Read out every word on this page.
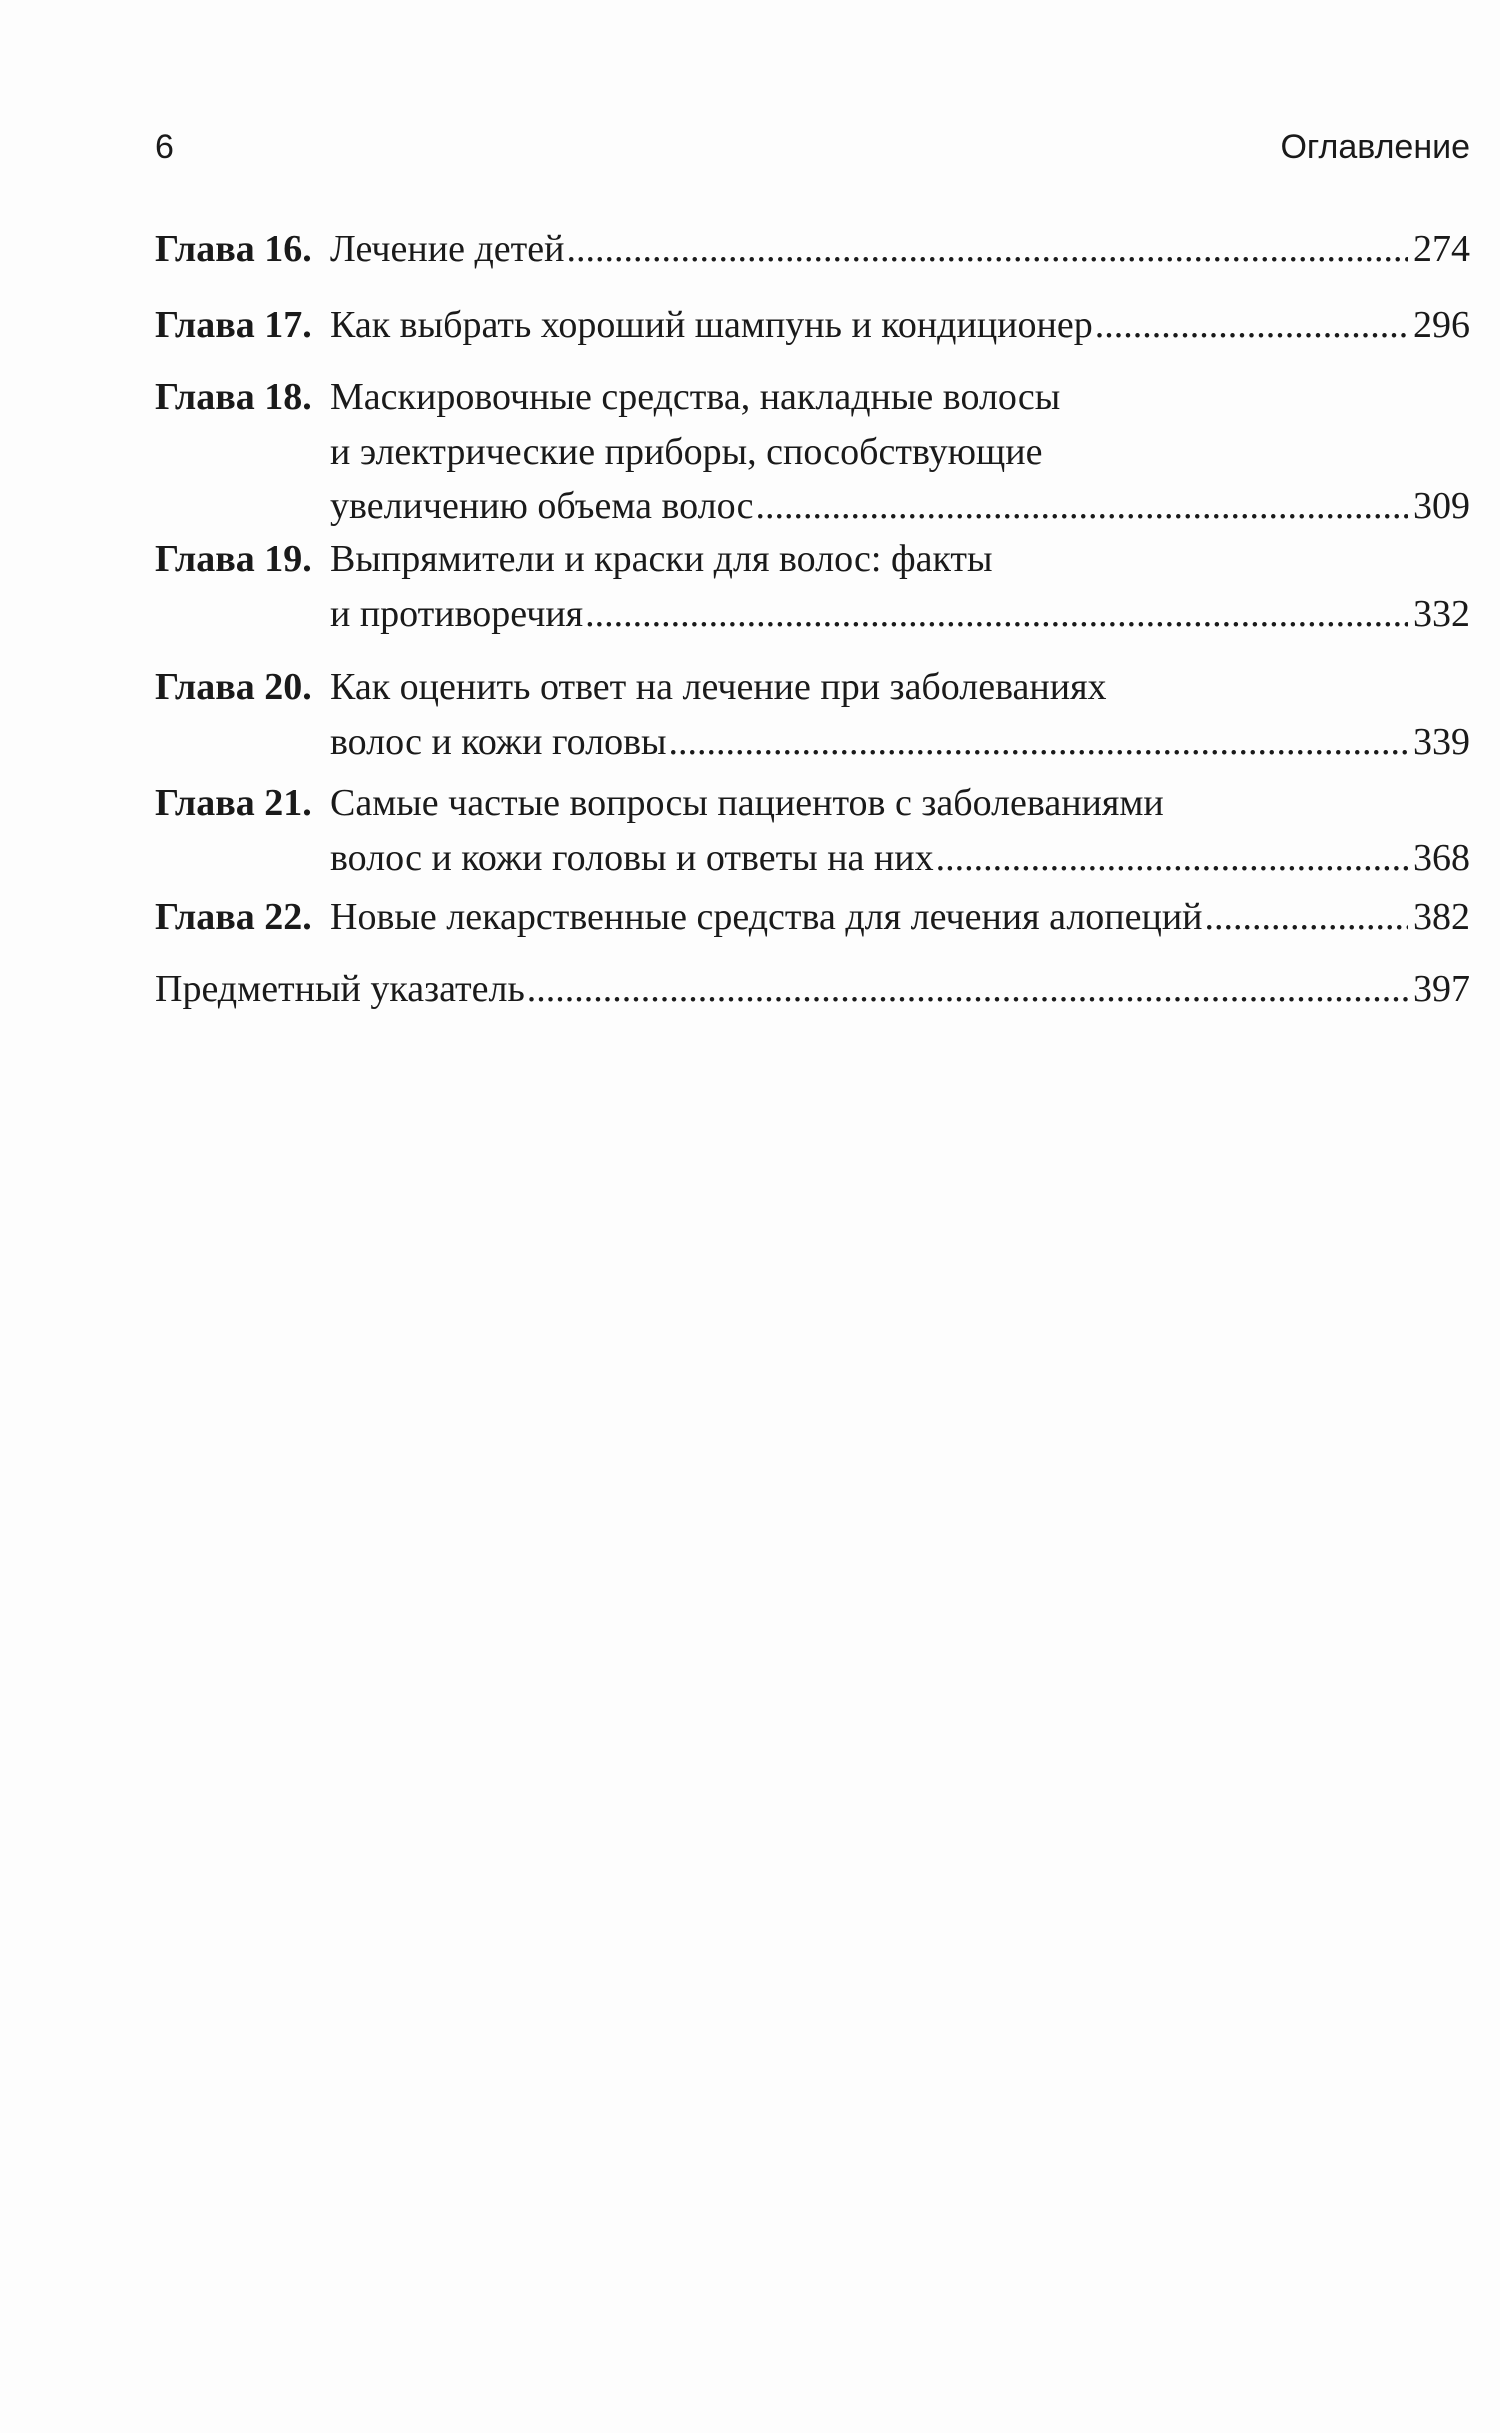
6	Оглавление
Глава 16. Лечение детей .....	274
Глава 17. Как выбрать хороший шампунь и кондиционер .....	296
Глава 18. Маскировочные средства, накладные волосы
и электрические приборы, способствующие
увеличению объема волос .....	309
Глава 19. Выпрямители и краски для волос: факты
и противоречия .....	332
Глава 20. Как оценить ответ на лечение при заболеваниях
волос и кожи головы .....	339
Глава 21. Самые частые вопросы пациентов с заболеваниями
волос и кожи головы и ответы на них .....	368
Глава 22. Новые лекарственные средства для лечения алопеций .....	382
Предметный указатель .....	397
